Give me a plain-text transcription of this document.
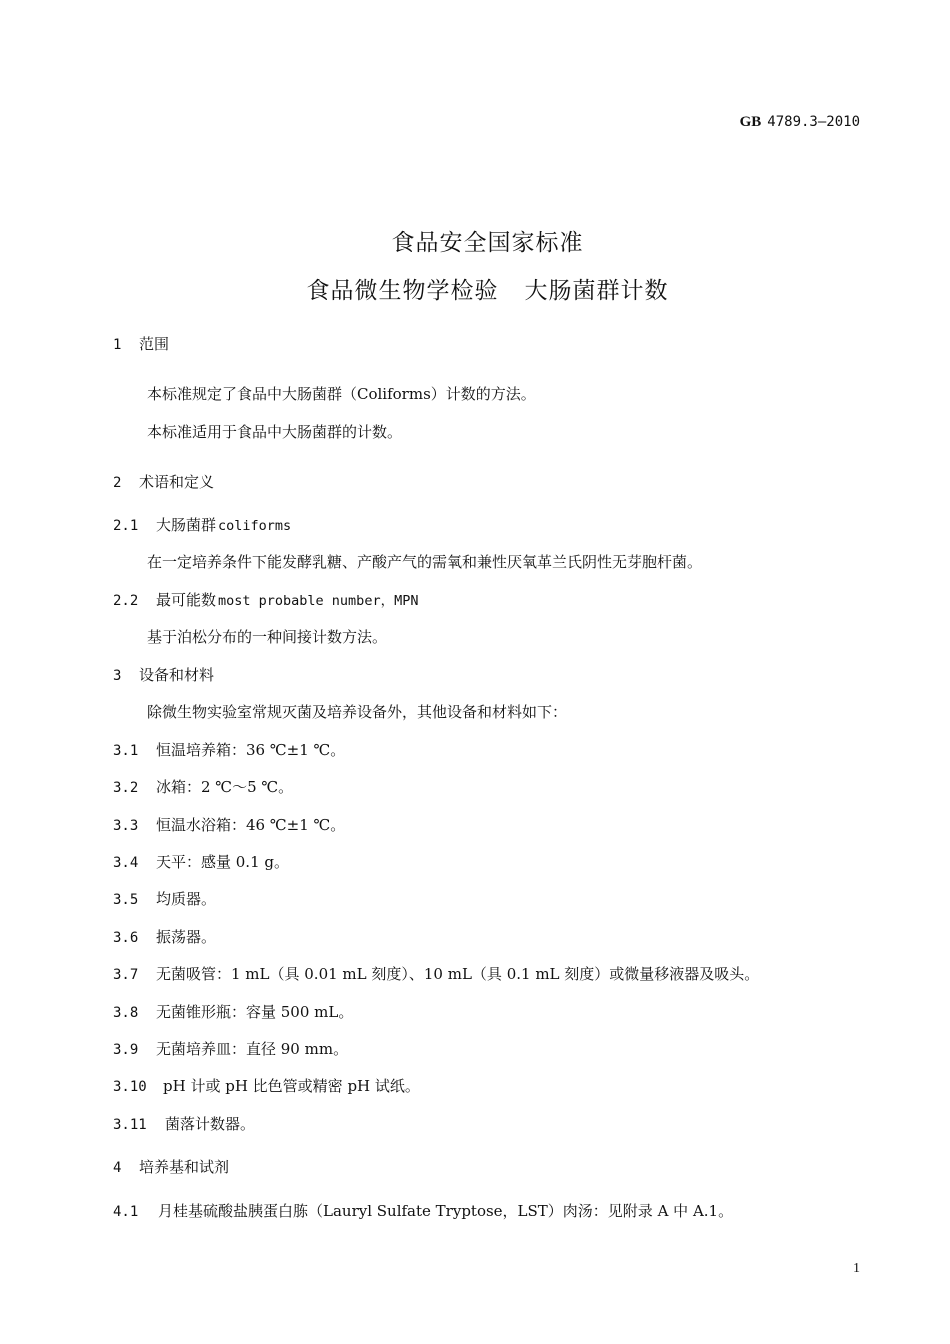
GB 4789.3—2010
食品安全国家标准
食品微生物学检验 大肠菌群计数
1 范围
本标准规定了食品中大肠菌群（Coliforms）计数的方法。
本标准适用于食品中大肠菌群的计数。
2 术语和定义
2.1 大肠菌群 coliforms
在一定培养条件下能发酵乳糖、产酸产气的需氧和兼性厌氧革兰氏阴性无芽胞杆菌。
2.2 最可能数 most probable number，MPN
基于泊松分布的一种间接计数方法。
3 设备和材料
除微生物实验室常规灭菌及培养设备外，其他设备和材料如下：
3.1 恒温培养箱：36 ℃±1 ℃。
3.2 冰箱：2 ℃～5 ℃。
3.3 恒温水浴箱：46 ℃±1 ℃。
3.4 天平：感量 0.1 g。
3.5 均质器。
3.6 振荡器。
3.7 无菌吸管：1 mL（具 0.01 mL 刻度）、10 mL（具 0.1 mL 刻度）或微量移液器及吸头。
3.8 无菌锥形瓶：容量 500 mL。
3.9 无菌培养皿：直径 90 mm。
3.10 pH 计或 pH 比色管或精密 pH 试纸。
3.11 菌落计数器。
4 培养基和试剂
4.1 月桂基硫酸盐胰蛋白胨（Lauryl Sulfate Tryptose，LST）肉汤：见附录 A 中 A.1。
1
